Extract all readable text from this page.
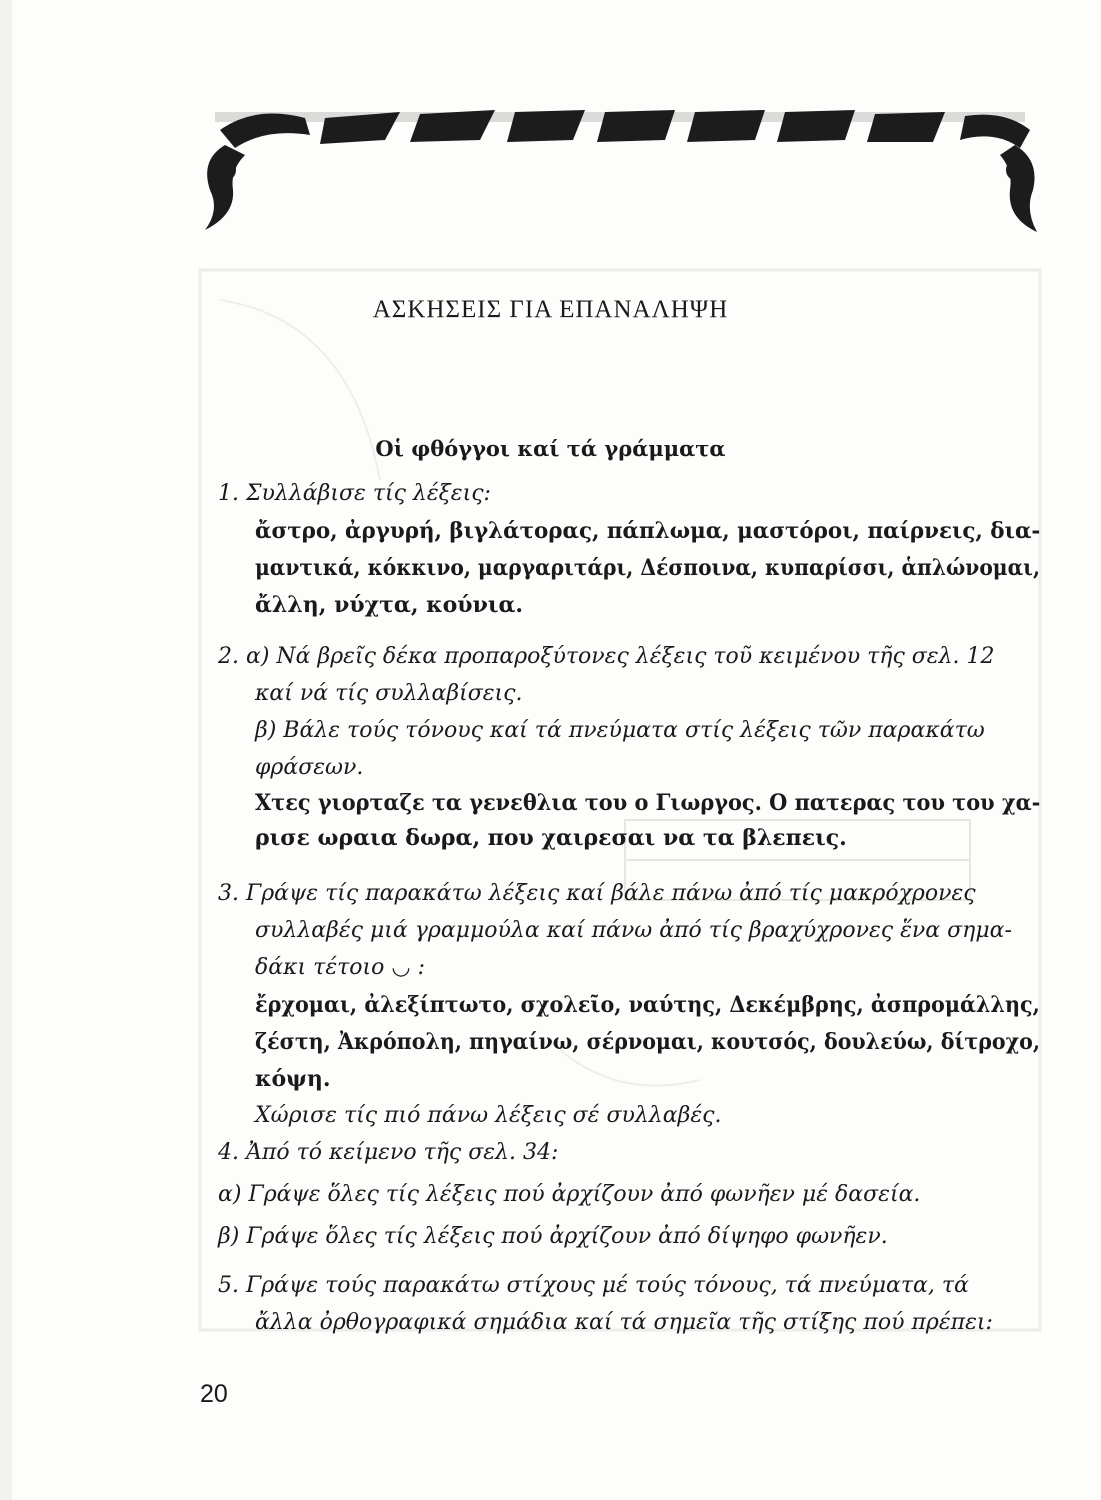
ΑΣΚΗΣΕΙΣ ΓΙΑ ΕΠΑΝΑΛΗΨΗ
Οἱ φθόγγοι καί τά γράμματα
1. Συλλάβισε τίς λέξεις:
ἄστρο, ἀργυρή, βιγλάτορας, πάπλωμα, μαστόροι, παίρνεις, δια-
μαντικά, κόκκινο, μαργαριτάρι, Δέσποινα, κυπαρίσσι, ἁπλώνομαι,
ἄλλη, νύχτα, κούνια.
2. α) Νά βρεῖς δέκα προπαροξύτονες λέξεις τοῦ κειμένου τῆς σελ. 12
καί νά τίς συλλαβίσεις.
β) Βάλε τούς τόνους καί τά πνεύματα στίς λέξεις τῶν παρακάτω
φράσεων.
Χτες γιορταζε τα γενεθλια του ο Γιωργος. Ο πατερας του του χα-
ρισε ωραια δωρα, που χαιρεσαι να τα βλεπεις.
3. Γράψε τίς παρακάτω λέξεις καί βάλε πάνω ἀπό τίς μακρόχρονες
συλλαβές μιά γραμμούλα καί πάνω ἀπό τίς βραχύχρονες ἕνα σημα-
δάκι τέτοιο ◡ :
ἔρχομαι, ἀλεξίπτωτο, σχολεῖο, ναύτης, Δεκέμβρης, ἀσπρομάλλης,
ζέστη, Ἀκρόπολη, πηγαίνω, σέρνομαι, κουτσός, δουλεύω, δίτροχο,
κόψη.
Χώρισε τίς πιό πάνω λέξεις σέ συλλαβές.
4. Ἀπό τό κείμενο τῆς σελ. 34:
α) Γράψε ὅλες τίς λέξεις πού ἀρχίζουν ἀπό φωνῆεν μέ δασεία.
β) Γράψε ὅλες τίς λέξεις πού ἀρχίζουν ἀπό δίψηφο φωνῆεν.
5. Γράψε τούς παρακάτω στίχους μέ τούς τόνους, τά πνεύματα, τά
ἄλλα ὀρθογραφικά σημάδια καί τά σημεῖα τῆς στίξης πού πρέπει:
20
